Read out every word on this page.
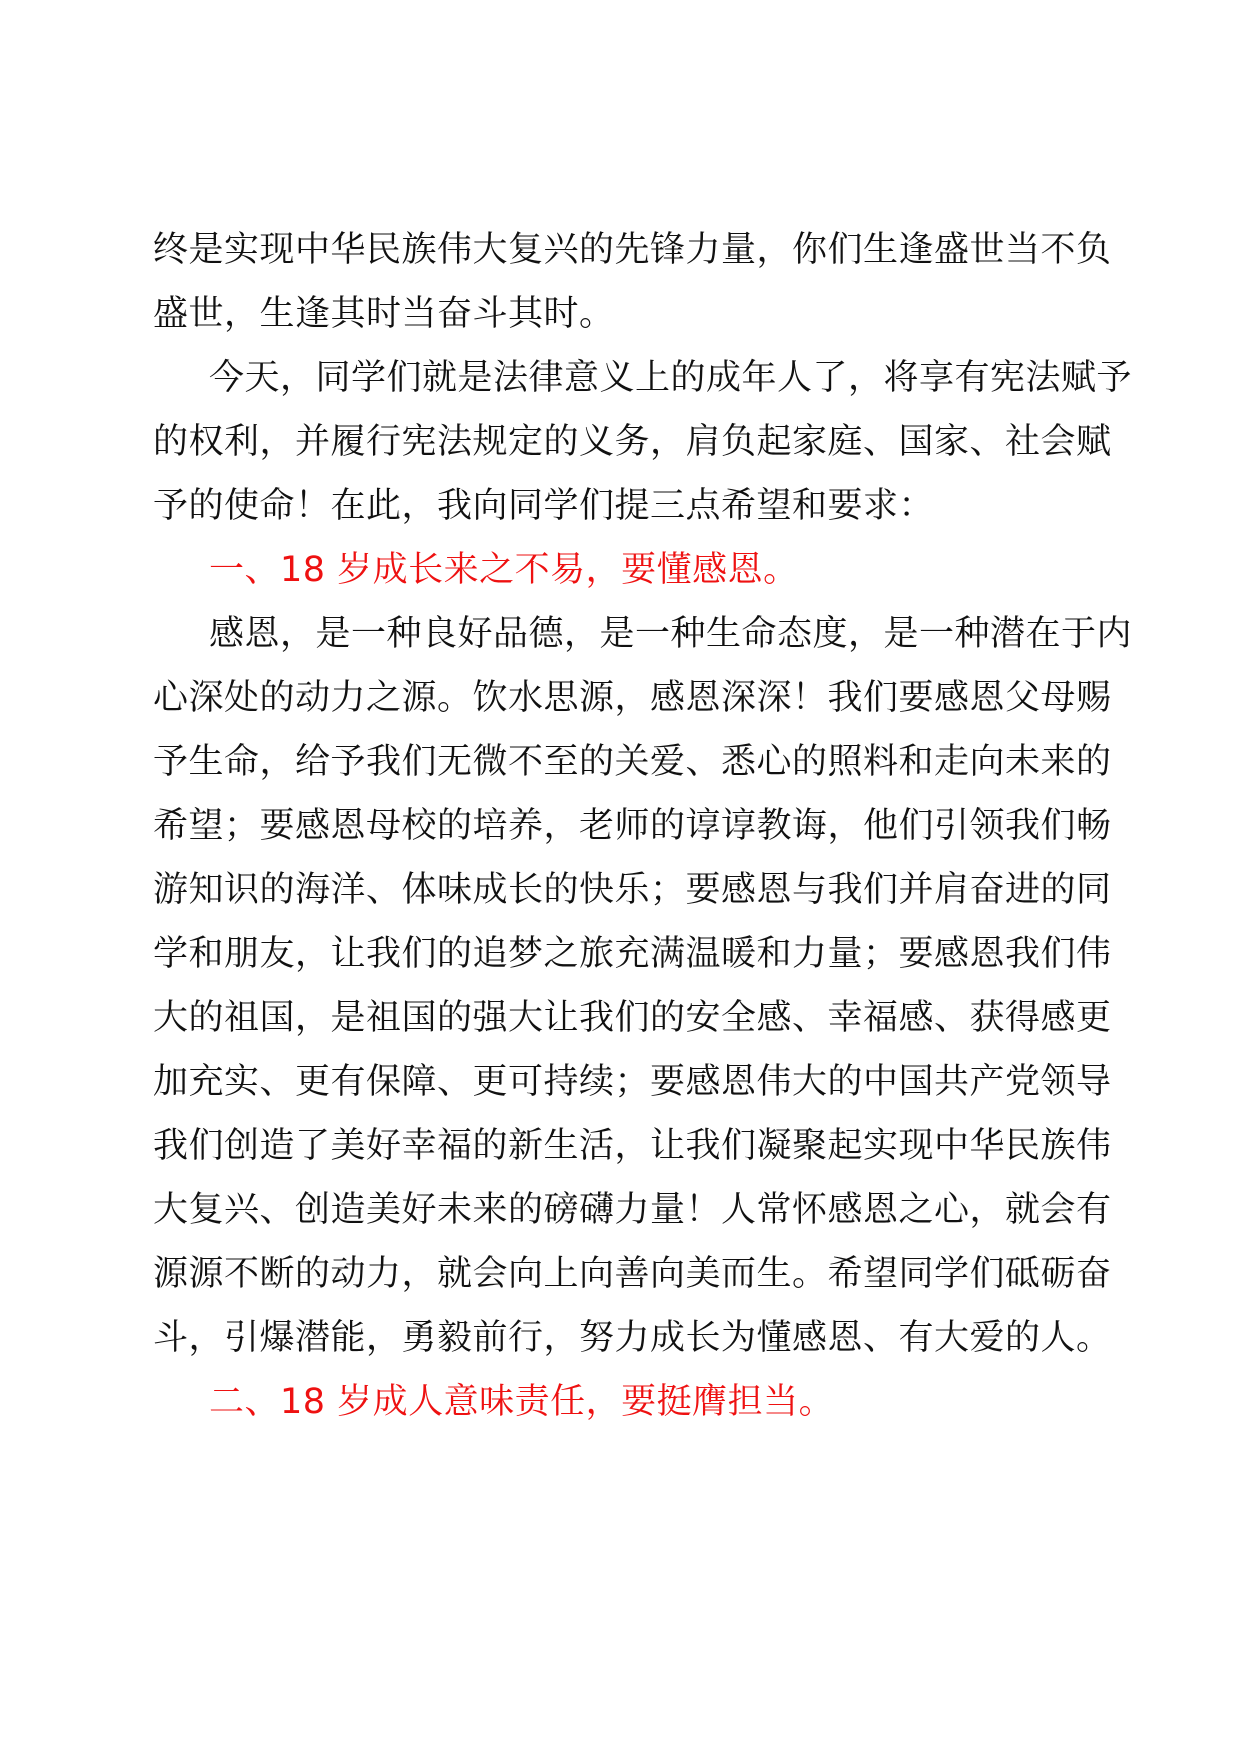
终是实现中华民族伟大复兴的先锋力量，你们生逢盛世当不负
盛世，生逢其时当奋斗其时。
今天，同学们就是法律意义上的成年人了，将享有宪法赋予
的权利，并履行宪法规定的义务，肩负起家庭、国家、社会赋
予的使命！在此，我向同学们提三点希望和要求：
一、18 岁成长来之不易，要懂感恩。
感恩，是一种良好品德，是一种生命态度，是一种潜在于内
心深处的动力之源。饮水思源，感恩深深！我们要感恩父母赐
予生命，给予我们无微不至的关爱、悉心的照料和走向未来的
希望；要感恩母校的培养，老师的谆谆教诲，他们引领我们畅
游知识的海洋、体味成长的快乐；要感恩与我们并肩奋进的同
学和朋友，让我们的追梦之旅充满温暖和力量；要感恩我们伟
大的祖国，是祖国的强大让我们的安全感、幸福感、获得感更
加充实、更有保障、更可持续；要感恩伟大的中国共产党领导
我们创造了美好幸福的新生活，让我们凝聚起实现中华民族伟
大复兴、创造美好未来的磅礴力量！人常怀感恩之心，就会有
源源不断的动力，就会向上向善向美而生。希望同学们砥砺奋
斗，引爆潜能，勇毅前行，努力成长为懂感恩、有大爱的人。
二、18 岁成人意味责任，要挺膺担当。
